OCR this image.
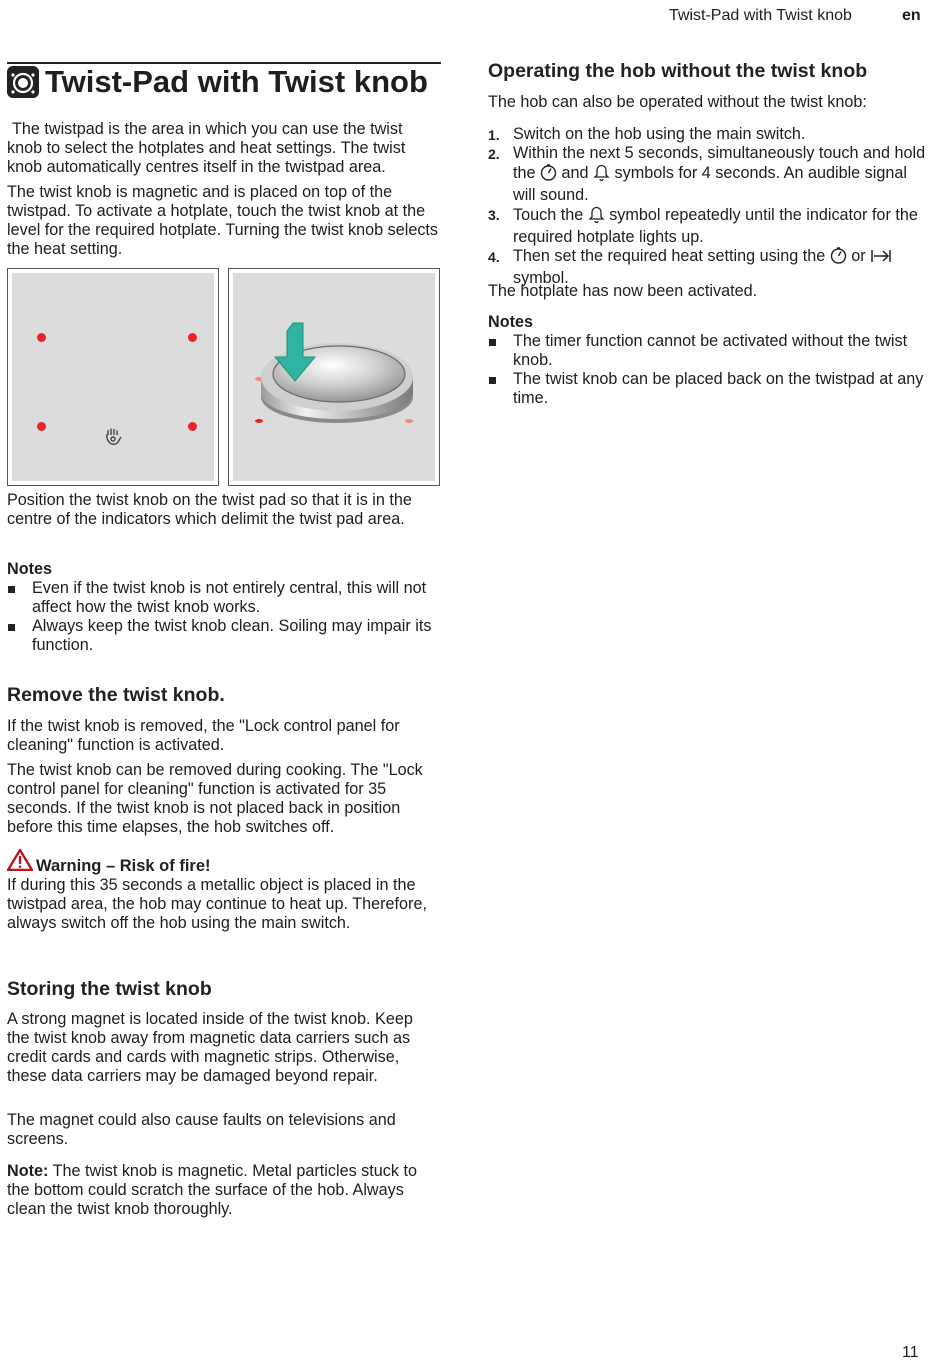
Twist-Pad with Twist knob	en
Twist-Pad with Twist knob

The twistpad is the area in which you can use the twist knob to select the hotplates and heat settings. The twist knob automatically centres itself in the twistpad area.

The twist knob is magnetic and is placed on top of the twistpad. To activate a hotplate, touch the twist knob at the level for the required hotplate. Turning the twist knob selects the heat setting.

Position the twist knob on the twist pad so that it is in the centre of the indicators which delimit the twist pad area.

Notes
Even if the twist knob is not entirely central, this will not affect how the twist knob works.
Always keep the twist knob clean. Soiling may impair its function.
Remove the twist knob.

If the twist knob is removed, the "Lock control panel for cleaning" function is activated.

The twist knob can be removed during cooking. The "Lock control panel for cleaning" function is activated for 35 seconds. If the twist knob is not placed back in position before this time elapses, the hob switches off.

Warning – Risk of fire!

If during this 35 seconds a metallic object is placed in the twistpad area, the hob may continue to heat up. Therefore, always switch off the hob using the main switch.

Storing the twist knob

A strong magnet is located inside of the twist knob. Keep the twist knob away from magnetic data carriers such as credit cards and cards with magnetic strips. Otherwise, these data carriers may be damaged beyond repair.

The magnet could also cause faults on televisions and screens.

Note: The twist knob is magnetic. Metal particles stuck to the bottom could scratch the surface of the hob. Always clean the twist knob thoroughly.

Operating the hob without the twist knob

The hob can also be operated without the twist knob:

1. Switch on the hob using the main switch.
2. Within the next 5 seconds, simultaneously touch and hold the  and  symbols for 4 seconds. An audible signal will sound.
3. Touch the  symbol repeatedly until the indicator for the required hotplate lights up.
4. Then set the required heat setting using the  or  symbol.

The hotplate has now been activated.

Notes
The timer function cannot be activated without the twist knob.
The twist knob can be placed back on the twistpad at any time.
11
